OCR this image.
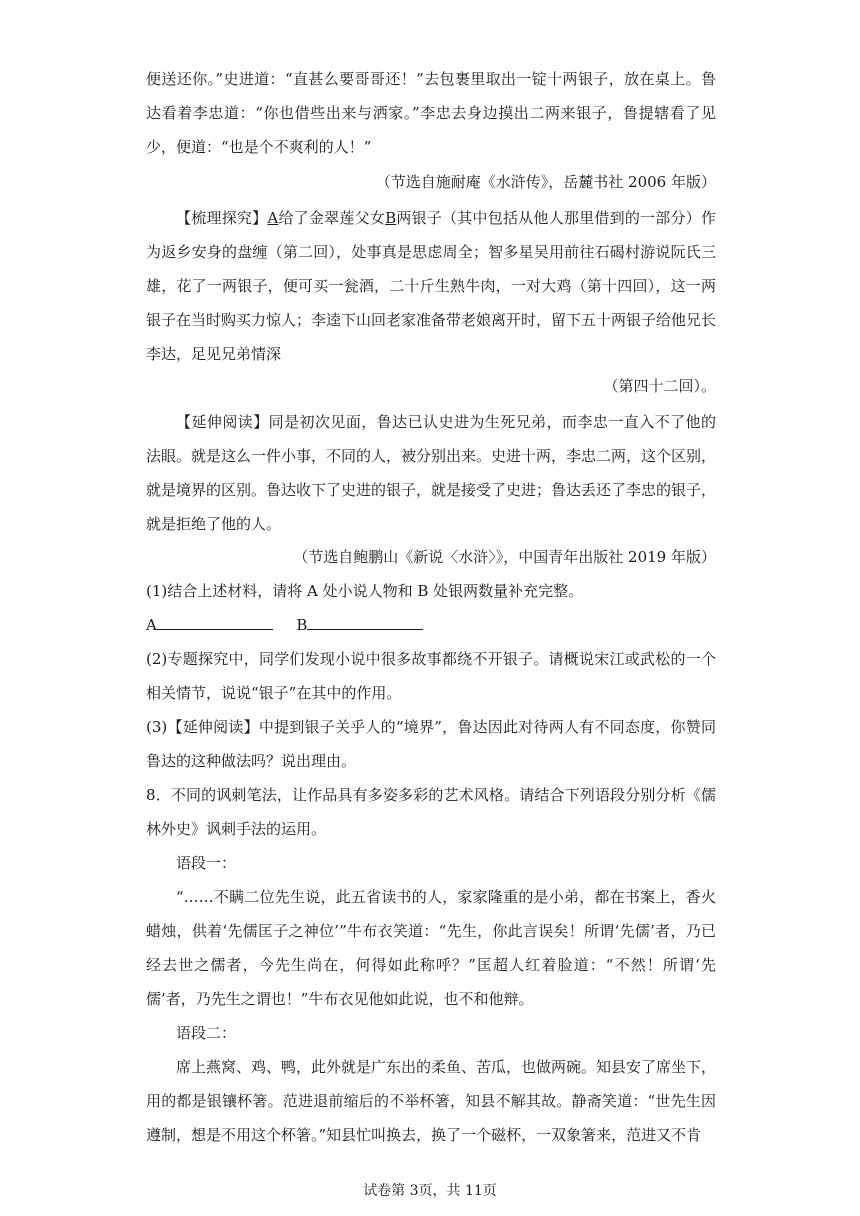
便送还你。”史进道：“直甚么要哥哥还！”去包裹里取出一锭十两银子，放在桌上。鲁达看着李忠道：“你也借些出来与洒家。”李忠去身边摸出二两来银子，鲁提辖看了见少，便道：“也是个不爽利的人！”

（节选自施耐庵《水浒传》，岳麓书社 2006 年版）

【梳理探究】A给了金翠莲父女B两银子（其中包括从他人那里借到的一部分）作为返乡安身的盘缠（第二回），处事真是思虑周全；智多星吴用前往石碣村游说阮氏三雄，花了一两银子，便可买一瓮酒，二十斤生熟牛肉，一对大鸡（第十四回），这一两银子在当时购买力惊人；李逵下山回老家准备带老娘离开时，留下五十两银子给他兄长李达，足见兄弟情深

（第四十二回）。

【延伸阅读】同是初次见面，鲁达已认史进为生死兄弟，而李忠一直入不了他的法眼。就是这么一件小事，不同的人，被分别出来。史进十两，李忠二两，这个区别，就是境界的区别。鲁达收下了史进的银子，就是接受了史进；鲁达丢还了李忠的银子，就是拒绝了他的人。

（节选自鲍鹏山《新说〈水浒〉》，中国青年出版社 2019 年版）

(1)结合上述材料，请将 A 处小说人物和 B 处银两数量补充完整。

A	B

(2)专题探究中，同学们发现小说中很多故事都绕不开银子。请概说宋江或武松的一个相关情节，说说“银子”在其中的作用。

(3)【延伸阅读】中提到银子关乎人的“境界”，鲁达因此对待两人有不同态度，你赞同鲁达的这种做法吗？说出理由。

8．不同的讽刺笔法，让作品具有多姿多彩的艺术风格。请结合下列语段分别分析《儒林外史》讽刺手法的运用。

语段一：

“……不瞒二位先生说，此五省读书的人，家家隆重的是小弟，都在书案上，香火蜡烛，供着‘先儒匡子之神位’”牛布衣笑道：“先生，你此言误矣！所谓‘先儒’者，乃已经去世之儒者，今先生尚在，何得如此称呼？”匡超人红着脸道：“不然！所谓‘先儒’者，乃先生之谓也！”牛布衣见他如此说，也不和他辩。

语段二：

席上燕窝、鸡、鸭，此外就是广东出的柔鱼、苦瓜，也做两碗。知县安了席坐下，用的都是银镶杯箸。范进退前缩后的不举杯箸，知县不解其故。静斋笑道：“世先生因遵制，想是不用这个杯箸。”知县忙叫换去，换了一个磁杯，一双象箸来，范进又不肯

试卷第 3页，共 11页
